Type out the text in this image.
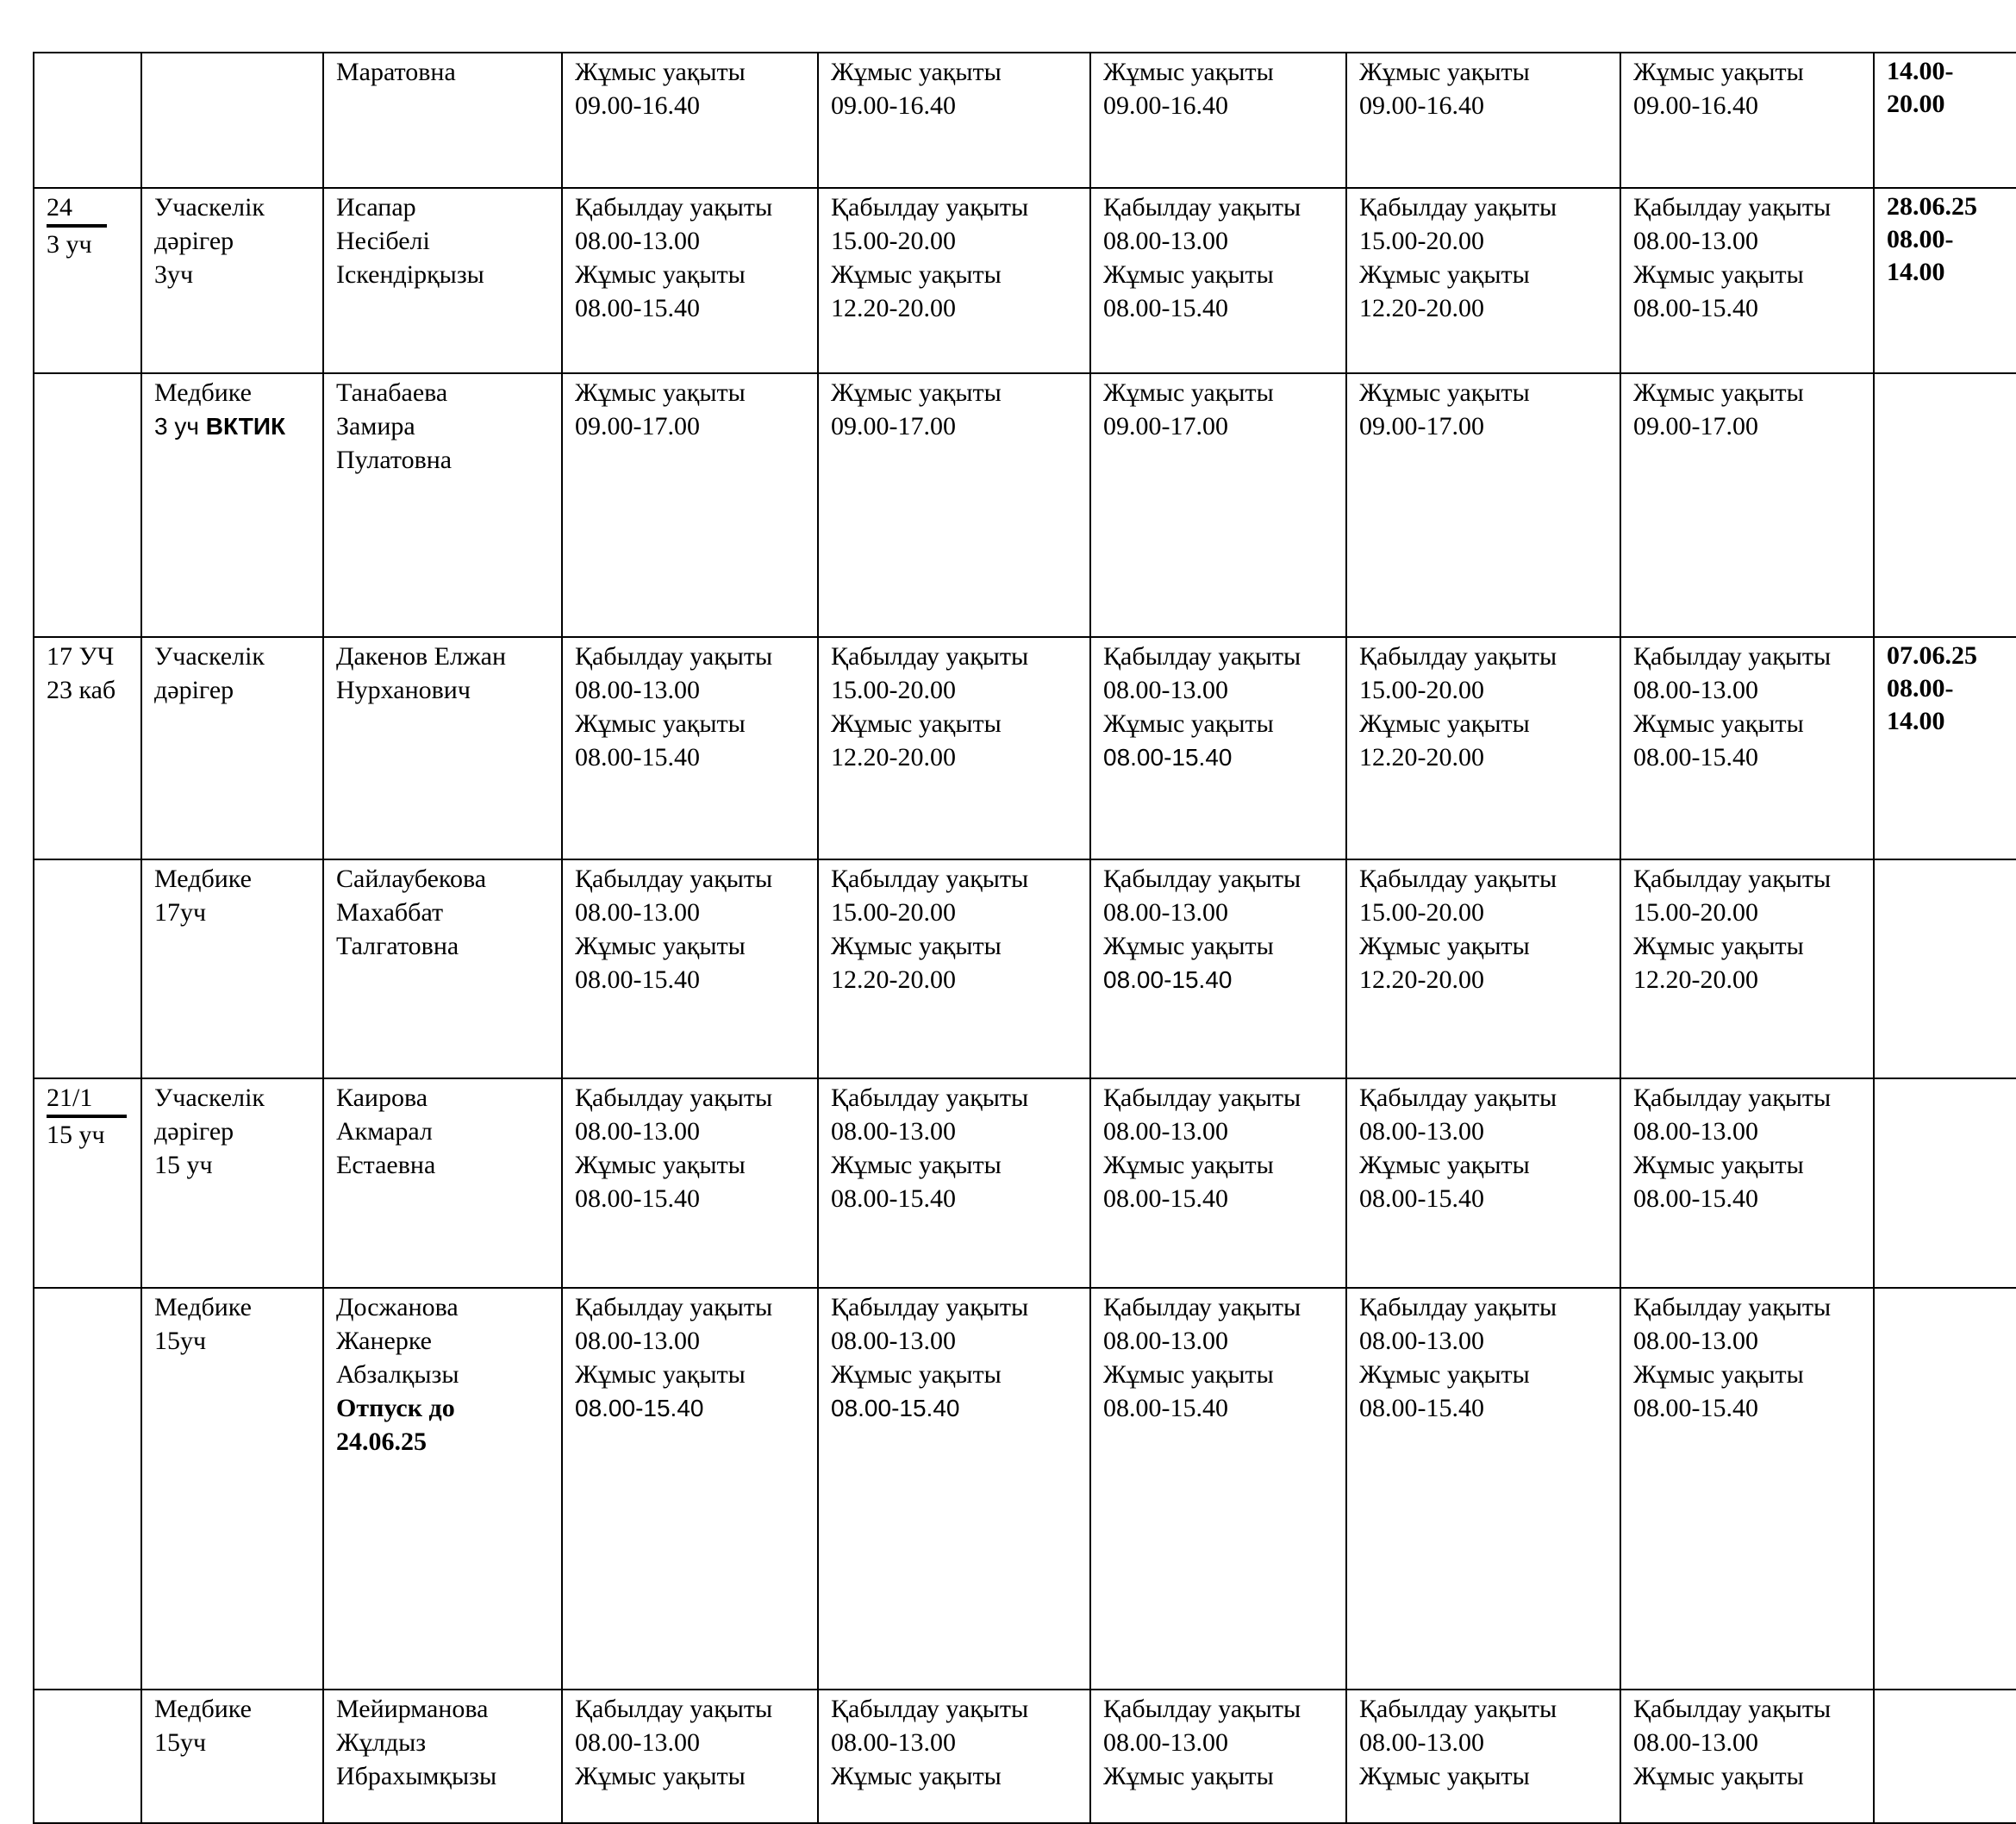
		Маратовна	Жұмыс уақыты
09.00-16.40	Жұмыс уақыты
09.00-16.40	Жұмыс уақыты
09.00-16.40	Жұмыс уақыты
09.00-16.40	Жұмыс уақыты
09.00-16.40	14.00-
20.00

24
3 уч	Учаскелік
дәрігер
3уч	Исапар
Несібелі
Іскендірқызы	Қабылдау уақыты
08.00-13.00
Жұмыс уақыты
08.00-15.40	Қабылдау уақыты
15.00-20.00
Жұмыс уақыты
12.20-20.00	Қабылдау уақыты
08.00-13.00
Жұмыс уақыты
08.00-15.40	Қабылдау уақыты
15.00-20.00
Жұмыс уақыты
12.20-20.00	Қабылдау уақыты
08.00-13.00
Жұмыс уақыты
08.00-15.40	28.06.25
08.00-
14.00

	Медбике
3 уч ВКТИК	Танабаева
Замира
Пулатовна	Жұмыс уақыты
09.00-17.00	Жұмыс уақыты
09.00-17.00	Жұмыс уақыты
09.00-17.00	Жұмыс уақыты
09.00-17.00	Жұмыс уақыты
09.00-17.00	

17 УЧ
23 каб	Учаскелік
дәрігер	Дакенов Елжан
Нурханович	Қабылдау уақыты
08.00-13.00
Жұмыс уақыты
08.00-15.40	Қабылдау уақыты
15.00-20.00
Жұмыс уақыты
12.20-20.00	Қабылдау уақыты
08.00-13.00
Жұмыс уақыты
08.00-15.40	Қабылдау уақыты
15.00-20.00
Жұмыс уақыты
12.20-20.00	Қабылдау уақыты
08.00-13.00
Жұмыс уақыты
08.00-15.40	07.06.25
08.00-
14.00

	Медбике
17уч	Сайлаубекова
Махаббат
Талгатовна	Қабылдау уақыты
08.00-13.00
Жұмыс уақыты
08.00-15.40	Қабылдау уақыты
15.00-20.00
Жұмыс уақыты
12.20-20.00	Қабылдау уақыты
08.00-13.00
Жұмыс уақыты
08.00-15.40	Қабылдау уақыты
15.00-20.00
Жұмыс уақыты
12.20-20.00	Қабылдау уақыты
15.00-20.00
Жұмыс уақыты
12.20-20.00	

21/1
15 уч	Учаскелік
дәрігер
15 уч	Каирова
Акмарал
Естаевна	Қабылдау уақыты
08.00-13.00
Жұмыс уақыты
08.00-15.40	Қабылдау уақыты
08.00-13.00
Жұмыс уақыты
08.00-15.40	Қабылдау уақыты
08.00-13.00
Жұмыс уақыты
08.00-15.40	Қабылдау уақыты
08.00-13.00
Жұмыс уақыты
08.00-15.40	Қабылдау уақыты
08.00-13.00
Жұмыс уақыты
08.00-15.40	

	Медбике
15уч	Досжанова
Жанерке
Абзалқызы
Отпуск до
24.06.25	Қабылдау уақыты
08.00-13.00
Жұмыс уақыты
08.00-15.40	Қабылдау уақыты
08.00-13.00
Жұмыс уақыты
08.00-15.40	Қабылдау уақыты
08.00-13.00
Жұмыс уақыты
08.00-15.40	Қабылдау уақыты
08.00-13.00
Жұмыс уақыты
08.00-15.40	Қабылдау уақыты
08.00-13.00
Жұмыс уақыты
08.00-15.40	

	Медбике
15уч	Мейирманова
Жұлдыз
Ибрахымқызы	Қабылдау уақыты
08.00-13.00
Жұмыс уақыты	Қабылдау уақыты
08.00-13.00
Жұмыс уақыты	Қабылдау уақыты
08.00-13.00
Жұмыс уақыты	Қабылдау уақыты
08.00-13.00
Жұмыс уақыты	Қабылдау уақыты
08.00-13.00
Жұмыс уақыты	
